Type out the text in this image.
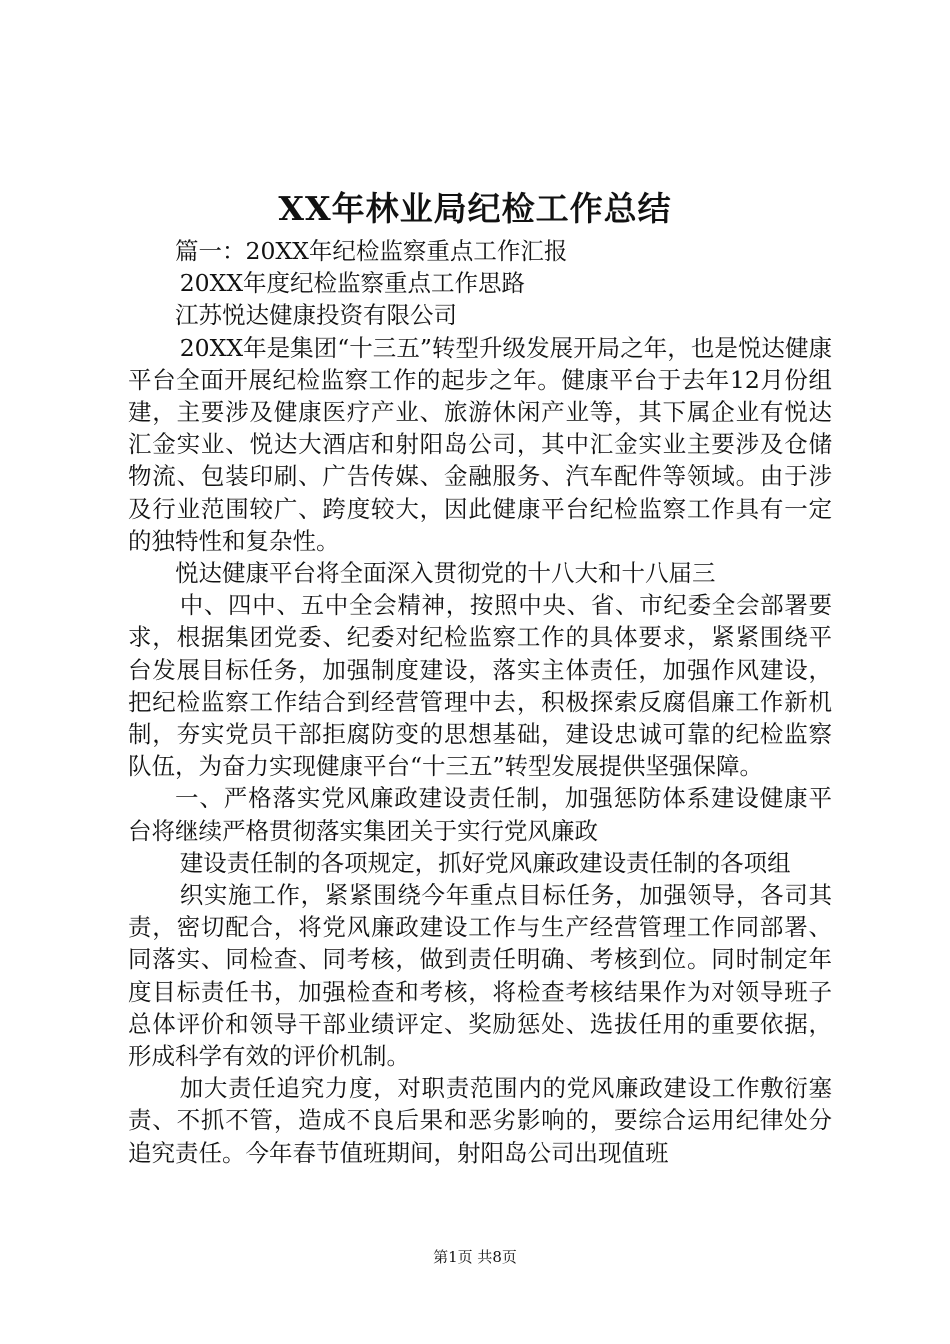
XX年林业局纪检工作总结

篇一：20XX年纪检监察重点工作汇报

20XX年度纪检监察重点工作思路

江苏悦达健康投资有限公司

20XX年是集团“十三五”转型升级发展开局之年，也是悦达健康平台全面开展纪检监察工作的起步之年。健康平台于去年12月份组建，主要涉及健康医疗产业、旅游休闲产业等，其下属企业有悦达汇金实业、悦达大酒店和射阳岛公司，其中汇金实业主要涉及仓储物流、包装印刷、广告传媒、金融服务、汽车配件等领域。由于涉及行业范围较广、跨度较大，因此健康平台纪检监察工作具有一定的独特性和复杂性。

悦达健康平台将全面深入贯彻党的十八大和十八届三

中、四中、五中全会精神，按照中央、省、市纪委全会部署要求，根据集团党委、纪委对纪检监察工作的具体要求，紧紧围绕平台发展目标任务，加强制度建设，落实主体责任，加强作风建设，把纪检监察工作结合到经营管理中去，积极探索反腐倡廉工作新机制，夯实党员干部拒腐防变的思想基础，建设忠诚可靠的纪检监察队伍，为奋力实现健康平台“十三五”转型发展提供坚强保障。

一、严格落实党风廉政建设责任制，加强惩防体系建设健康平台将继续严格贯彻落实集团关于实行党风廉政

建设责任制的各项规定，抓好党风廉政建设责任制的各项组

织实施工作，紧紧围绕今年重点目标任务，加强领导，各司其责，密切配合，将党风廉政建设工作与生产经营管理工作同部署、同落实、同检查、同考核，做到责任明确、考核到位。同时制定年度目标责任书，加强检查和考核，将检查考核结果作为对领导班子总体评价和领导干部业绩评定、奖励惩处、选拔任用的重要依据，形成科学有效的评价机制。

加大责任追究力度，对职责范围内的党风廉政建设工作敷衍塞责、不抓不管，造成不良后果和恶劣影响的，要综合运用纪律处分追究责任。今年春节值班期间，射阳岛公司出现值班

第1页 共8页
